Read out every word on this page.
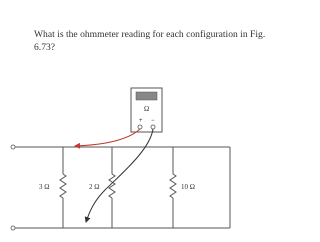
What is the ohmmeter reading for each configuration in Fig.
6.73?

3 Ω	2 Ω	10 Ω
Ω
+ −
